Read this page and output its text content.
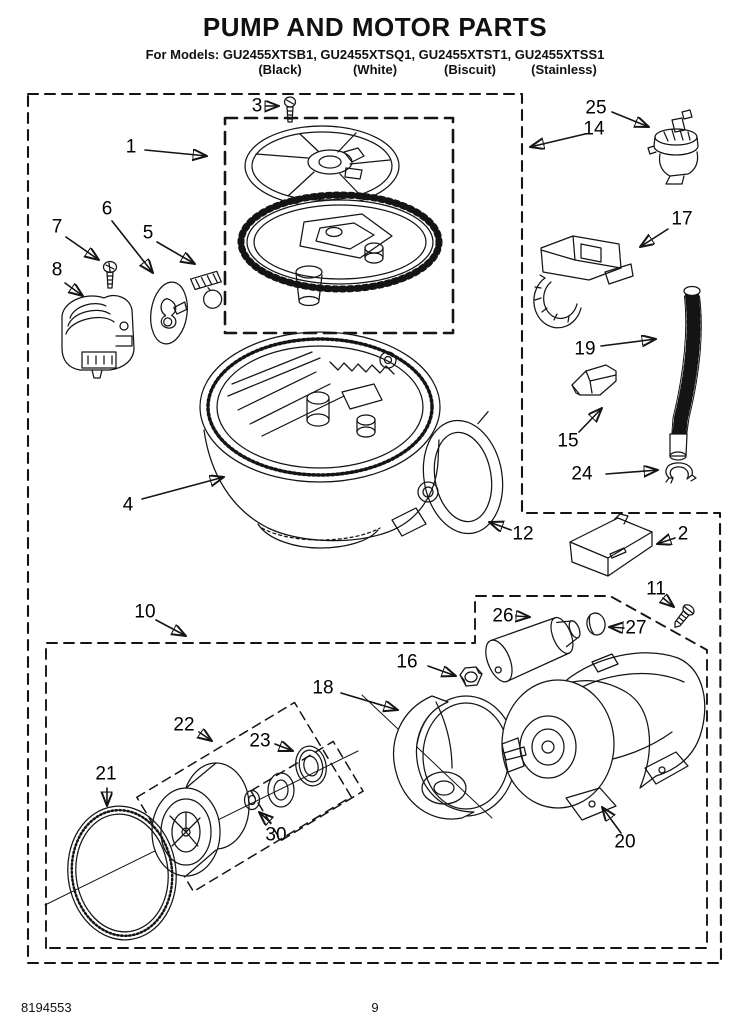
PUMP AND MOTOR PARTS
For Models: GU2455XTSB1, GU2455XTSQ1, GU2455XTST1, GU2455XTSS1
(Black)	(White)	(Biscuit)	(Stainless)
1
3	25
14
17
6
7	5
8
19
15
24
4
12	2
11
10	26
27
16
18
22
23
21
30	20
8194553	9
